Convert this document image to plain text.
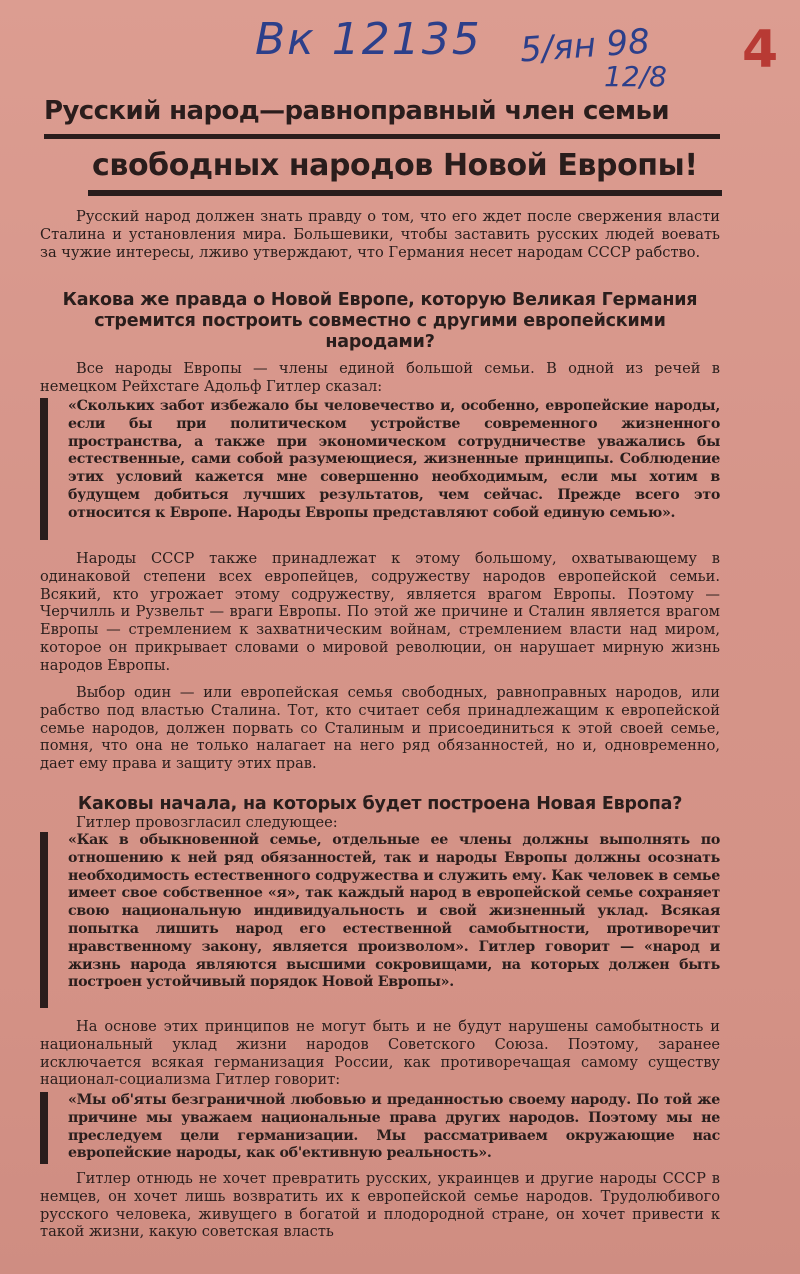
Вк 12135 5/ян 98
12/8 4
Русский народ—равноправный член семьи
свободных народов Новой Европы!
Русский народ должен знать правду о том, что его ждет после свержения власти Сталина и установления мира. Большевики, чтобы заставить русских людей воевать за чужие интересы, лживо утверждают, что Германия несет народам СССР рабство.
Какова же правда о Новой Европе, которую Великая Германия стремится построить совместно с другими европейскими народами?
Все народы Европы — члены единой большой семьи. В одной из речей в немецком Рейхстаге Адольф Гитлер сказал:
«Скольких забот избежало бы человечество и, особенно, европейские народы, если бы при политическом устройстве современного жизненного пространства, а также при экономическом сотрудничестве уважались бы естественные, сами собой разумеющиеся, жизненные принципы. Соблюдение этих условий кажется мне совершенно необходимым, если мы хотим в будущем добиться лучших результатов, чем сейчас. Прежде всего это относится к Европе. Народы Европы представляют собой единую семью».
Народы СССР также принадлежат к этому большому, охватывающему в одинаковой степени всех европейцев, содружеству народов европейской семьи. Всякий, кто угрожает этому содружеству, является врагом Европы. Поэтому — Черчилль и Рузвельт — враги Европы. По этой же причине и Сталин является врагом Европы — стремлением к захватническим войнам, стремлением власти над миром, которое он прикрывает словами о мировой революции, он нарушает мирную жизнь народов Европы.
Выбор один — или европейская семья свободных, равноправных народов, или рабство под властью Сталина. Тот, кто считает себя принадлежащим к европейской семье народов, должен порвать со Сталиным и присоединиться к этой своей семье, помня, что она не только налагает на него ряд обязанностей, но и, одновременно, дает ему права и защиту этих прав.
Каковы начала, на которых будет построена Новая Европа?
Гитлер провозгласил следующее:
«Как в обыкновенной семье, отдельные ее члены должны выполнять по отношению к ней ряд обязанностей, так и народы Европы должны осознать необходимость естественного содружества и служить ему. Как человек в семье имеет свое собственное «я», так каждый народ в европейской семье сохраняет свою национальную индивидуальность и свой жизненный уклад. Всякая попытка лишить народ его естественной самобытности, противоречит нравственному закону, является произволом». Гитлер говорит — «народ и жизнь народа являются высшими сокровищами, на которых должен быть построен устойчивый порядок Новой Европы».
На основе этих принципов не могут быть и не будут нарушены самобытность и национальный уклад жизни народов Советского Союза. Поэтому, заранее исключается всякая германизация России, как противоречащая самому существу национал-социализма Гитлер говорит:
«Мы об'яты безграничной любовью и преданностью своему народу. По той же причине мы уважаем национальные права других народов. Поэтому мы не преследуем цели германизации. Мы рассматриваем окружающие нас европейские народы, как об'ективную реальность».
Гитлер отнюдь не хочет превратить русских, украинцев и другие народы СССР в немцев, он хочет лишь возвратить их к европейской семье народов. Трудолюбивого русского человека, живущего в богатой и плодородной стране, он хочет привести к такой жизни, какую советская власть
